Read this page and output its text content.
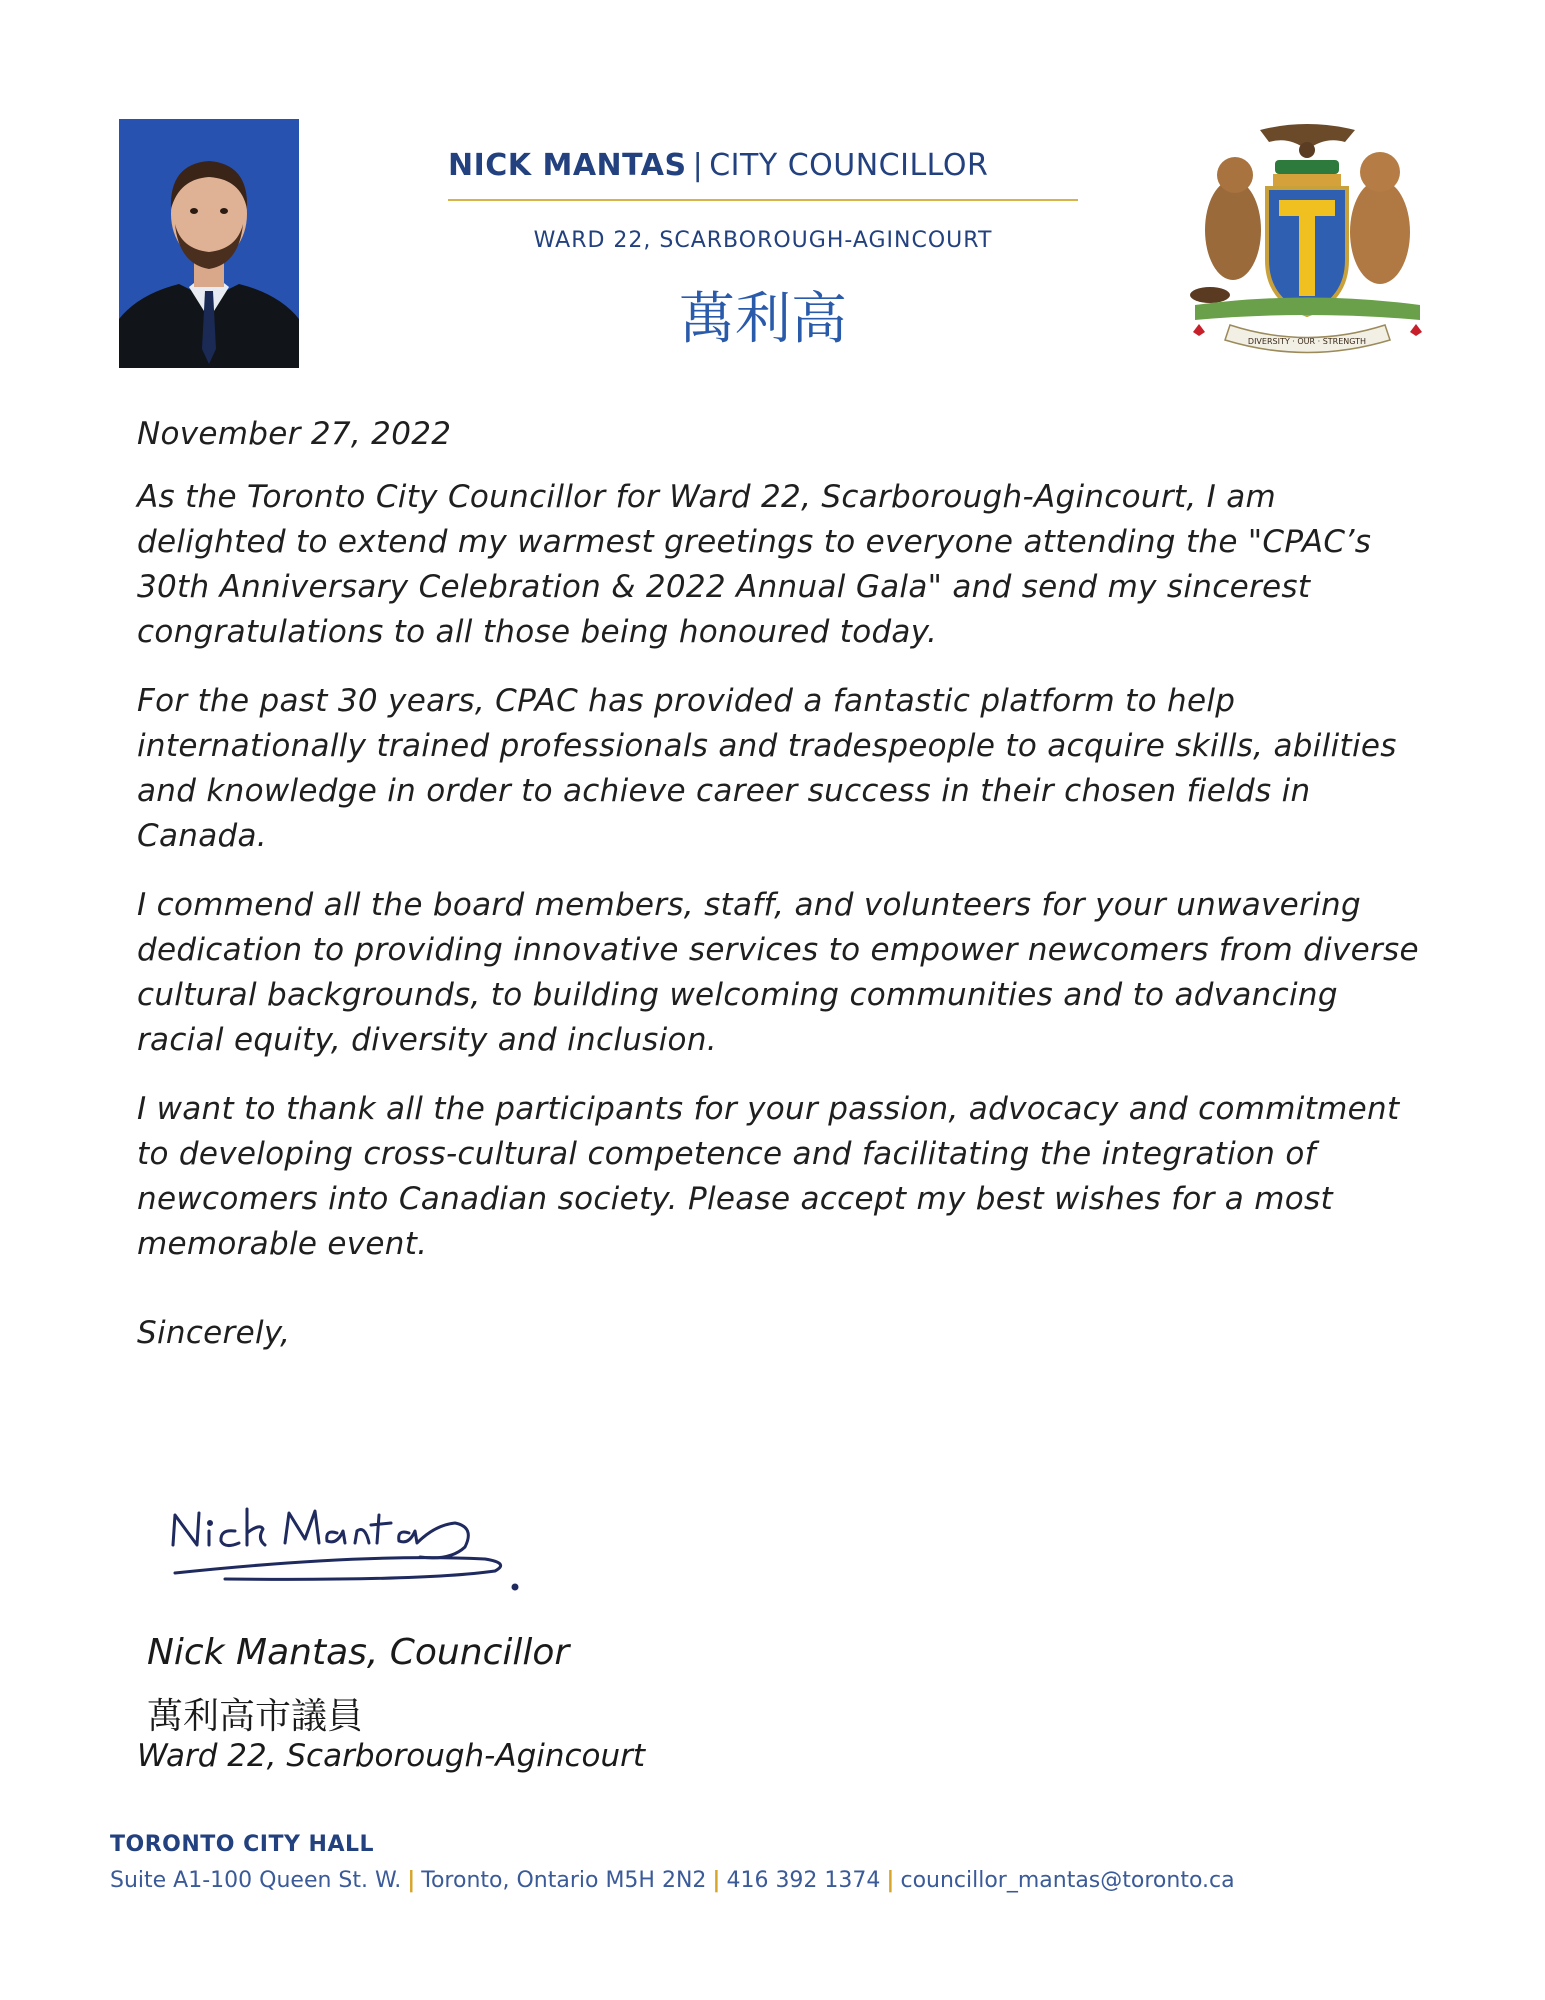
NICK MANTAS | CITY COUNCILLOR
WARD 22, SCARBOROUGH-AGINCOURT
萬利高	DIVERSITY · OUR · STRENGTH

November 27, 2022

As the Toronto City Councillor for Ward 22, Scarborough-Agincourt, I am delighted to extend my warmest greetings to everyone attending the "CPAC’s 30th Anniversary Celebration & 2022 Annual Gala" and send my sincerest congratulations to all those being honoured today.

For the past 30 years, CPAC has provided a fantastic platform to help internationally trained professionals and tradespeople to acquire skills, abilities and knowledge in order to achieve career success in their chosen fields in Canada.

I commend all the board members, staff, and volunteers for your unwavering dedication to providing innovative services to empower newcomers from diverse cultural backgrounds, to building welcoming communities and to advancing racial equity, diversity and inclusion.

I want to thank all the participants for your passion, advocacy and commitment to developing cross-cultural competence and facilitating the integration of newcomers into Canadian society. Please accept my best wishes for a most memorable event.

Sincerely,

Nick Mantas, Councillor
萬利高市議員
Ward 22, Scarborough-Agincourt
TORONTO CITY HALL
Suite A1-100 Queen St. W. | Toronto, Ontario M5H 2N2 | 416 392 1374 | councillor_mantas@toronto.ca
